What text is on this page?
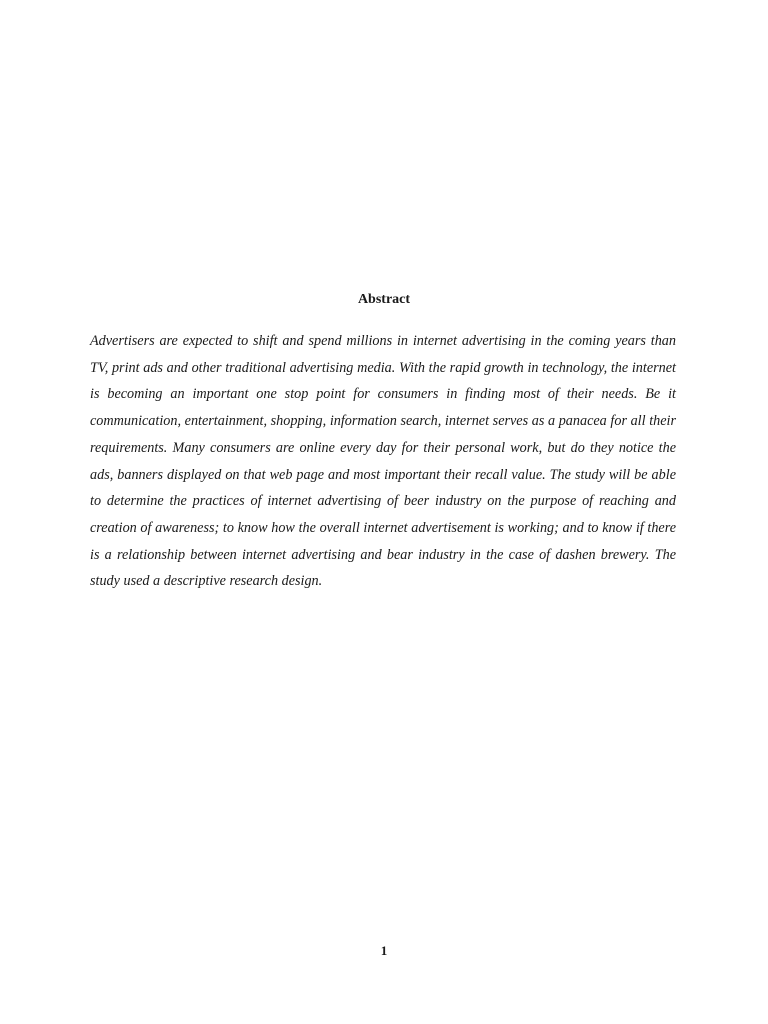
Abstract

Advertisers are expected to shift and spend millions in internet advertising in the coming years than TV, print ads and other traditional advertising media. With the rapid growth in technology, the internet is becoming an important one stop point for consumers in finding most of their needs. Be it communication, entertainment, shopping, information search, internet serves as a panacea for all their requirements. Many consumers are online every day for their personal work, but do they notice the ads, banners displayed on that web page and most important their recall value. The study will be able to determine the practices of internet advertising of beer industry on the purpose of reaching and creation of awareness; to know how the overall internet advertisement is working; and to know if there is a relationship between internet advertising and bear industry in the case of dashen brewery. The study used a descriptive research design.

1
